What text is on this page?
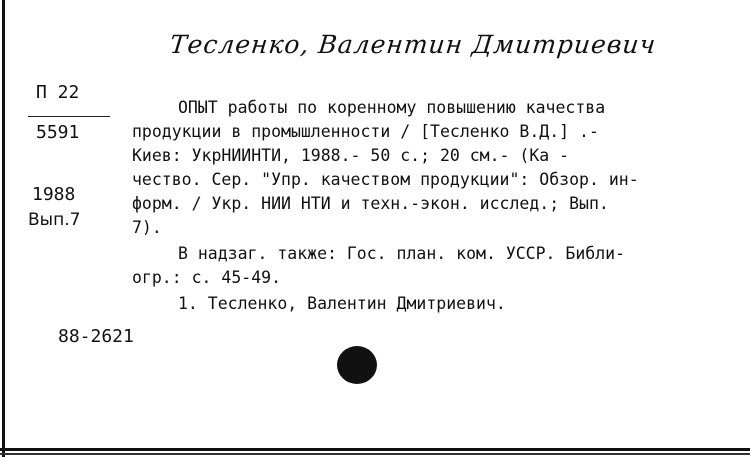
Тесленко, Валентин Дмитриевич
П 22
5591
1988
Вып.7
ОПЫТ работы по коренному повышению качества
продукции в промышленности / [Тесленко В.Д.] .-
Киев: УкрНИИНТИ, 1988.- 50 с.; 20 см.- (Ка -
чество. Сер. "Упр. качеством продукции": Обзор. ин-
форм. / Укр. НИИ НТИ и техн.-экон. исслед.; Вып.
7).
В надзаг. также: Гос. план. ком. УССР. Библи-
огр.: с. 45-49.
1. Тесленко, Валентин Дмитриевич.
88-2621
